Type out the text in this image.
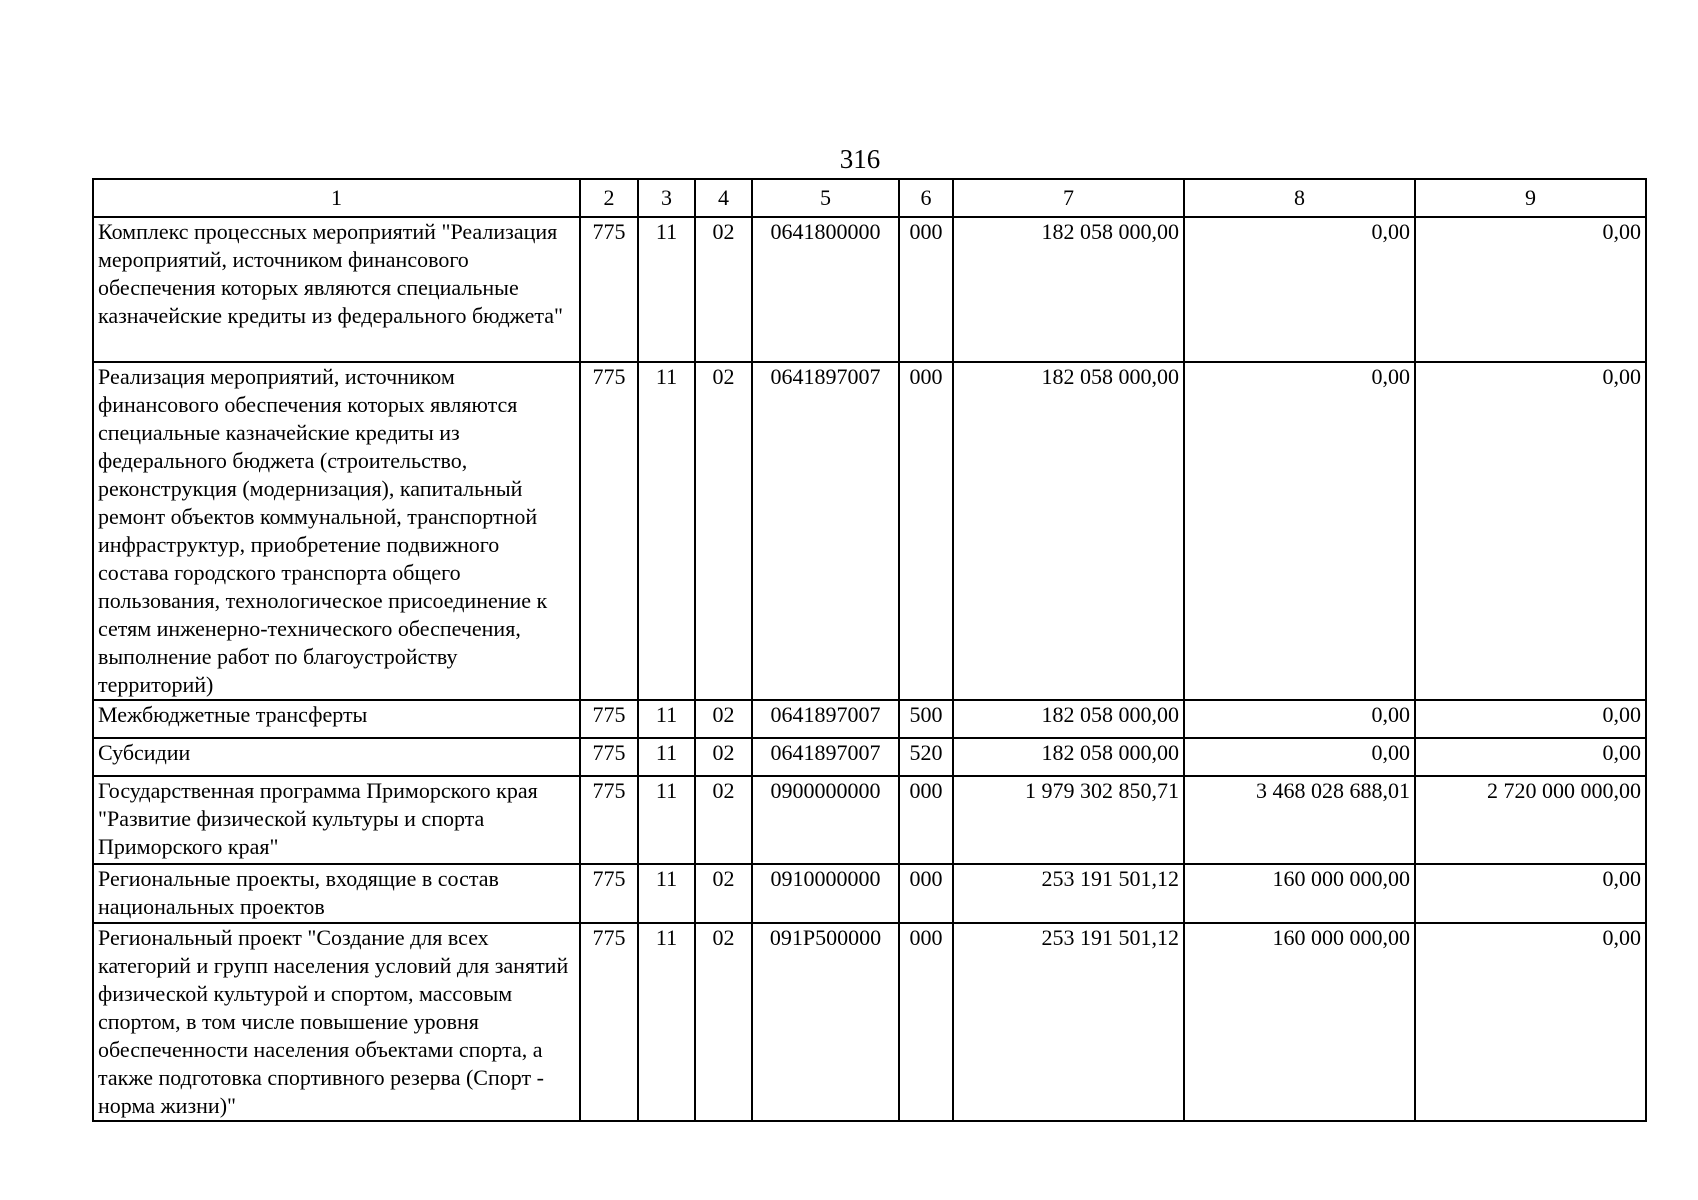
316
1	2	3	4	5	6	7	8	9
Комплекс процессных мероприятий "Реализация мероприятий, источником финансового обеспечения которых являются специальные казначейские кредиты из федерального бюджета"	775	11	02	0641800000	000	182 058 000,00	0,00	0,00
Реализация мероприятий, источником финансового обеспечения которых являются специальные казначейские кредиты из федерального бюджета (строительство, реконструкция (модернизация), капитальный ремонт объектов коммунальной, транспортной инфраструктур, приобретение подвижного состава городского транспорта общего пользования, технологическое присоединение к сетям инженерно-технического обеспечения, выполнение работ по благоустройству территорий)	775	11	02	0641897007	000	182 058 000,00	0,00	0,00
Межбюджетные трансферты	775	11	02	0641897007	500	182 058 000,00	0,00	0,00
Субсидии	775	11	02	0641897007	520	182 058 000,00	0,00	0,00
Государственная программа Приморского края "Развитие физической культуры и спорта Приморского края"	775	11	02	0900000000	000	1 979 302 850,71	3 468 028 688,01	2 720 000 000,00
Региональные проекты, входящие в состав национальных проектов	775	11	02	0910000000	000	253 191 501,12	160 000 000,00	0,00
Региональный проект "Создание для всех категорий и групп населения условий для занятий физической культурой и спортом, массовым спортом, в том числе повышение уровня обеспеченности населения объектами спорта, а также подготовка спортивного резерва (Спорт - норма жизни)"	775	11	02	091P500000	000	253 191 501,12	160 000 000,00	0,00
